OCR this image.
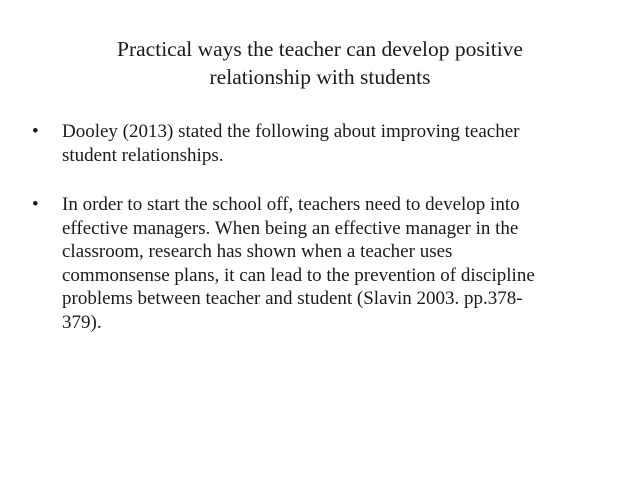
Practical ways the teacher can develop positive
relationship with students
• Dooley (2013) stated the following about improving teacher
student relationships.
• In order to start the school off, teachers need to develop into
effective managers. When being an effective manager in the
classroom, research has shown when a teacher uses
commonsense plans, it can lead to the prevention of discipline
problems between teacher and student (Slavin 2003. pp.378-
379).
